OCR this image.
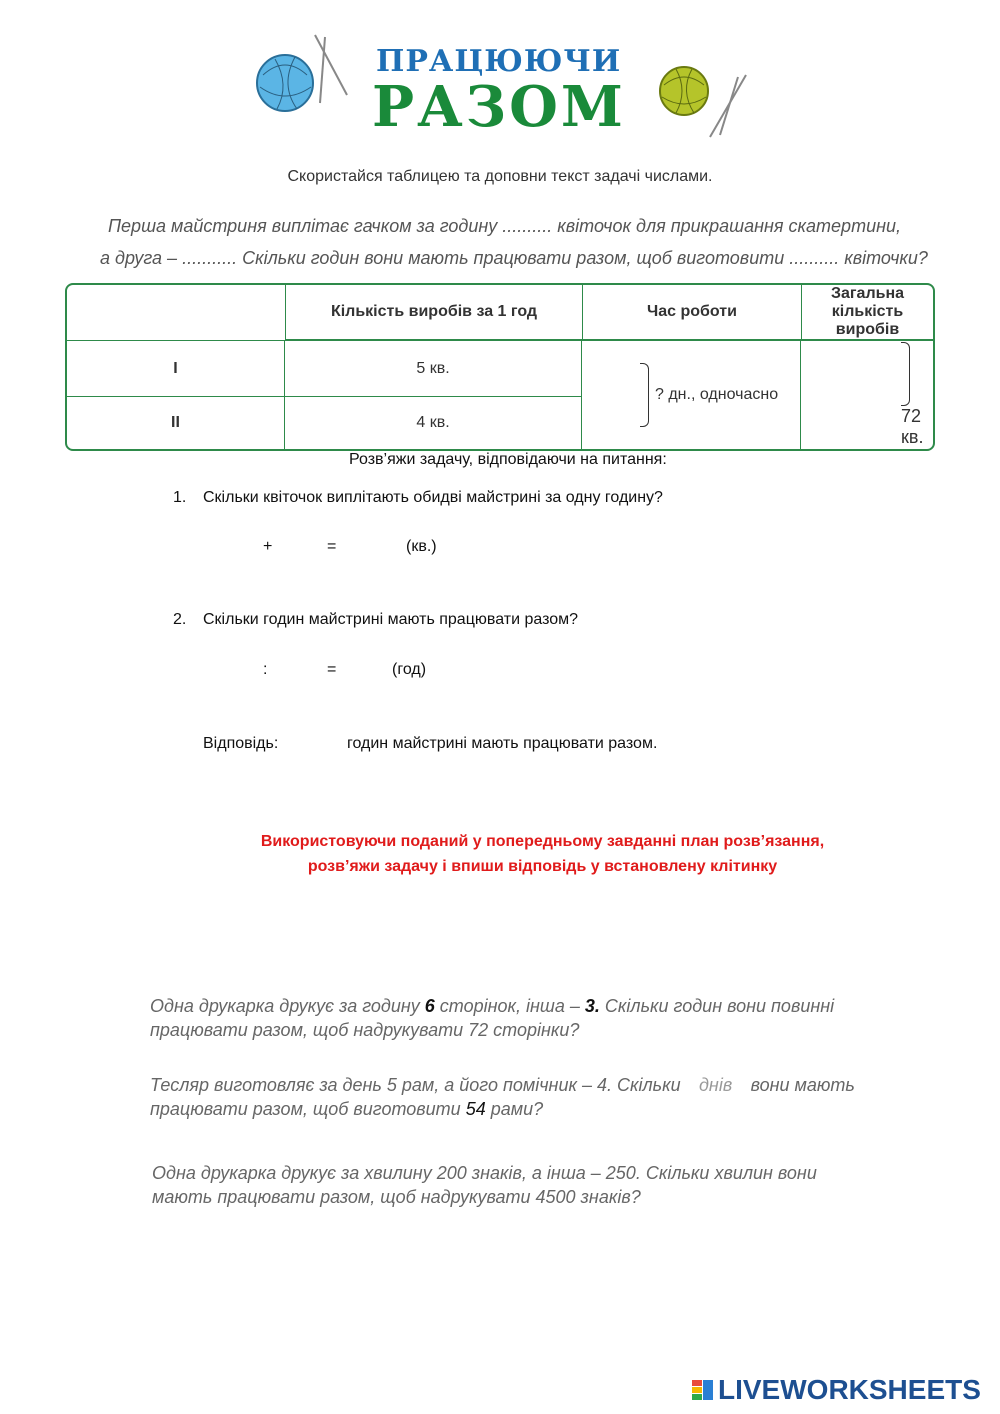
ПРАЦЮЮЧИ
РАЗОМ
Скористайся таблицею та доповни текст задачі числами.
Перша майстриня виплітає гачком за годину .......... квіточок для прикрашання скатертини,
а друга – ........... Скільки годин вони мають працювати разом, щоб виготовити .......... квіточки?
	Кількість виробів за 1 год	Час роботи	Загальна кількість виробів
I	5 кв.	? дн., одночасно	72 кв.
II	4 кв.		
Розв’яжи задачу, відповідаючи на питання:
1. Скільки квіточок виплітають обидві майстрині за одну годину?
+	=	(кв.)
2. Скільки годин майстрині мають працювати разом?
:	=	(год)
Відповідь:	годин майстрині мають працювати разом.
Використовуючи поданий у попередньому завданні план розв’язання,
розв’яжи задачу і впиши відповідь у встановлену клітинку
Одна друкарка друкує за годину 6 сторінок, інша – 3. Скільки годин вони повинні
працювати разом, щоб надрукувати 72 сторінки?
Тесляр виготовляє за день 5 рам, а його помічник – 4. Скільки днів вони мають
працювати разом, щоб виготовити 54 рами?
Одна друкарка друкує за хвилину 200 знаків, а інша – 250. Скільки хвилин вони
мають працювати разом, щоб надрукувати 4500 знаків?
LIVEWORKSHEETS
